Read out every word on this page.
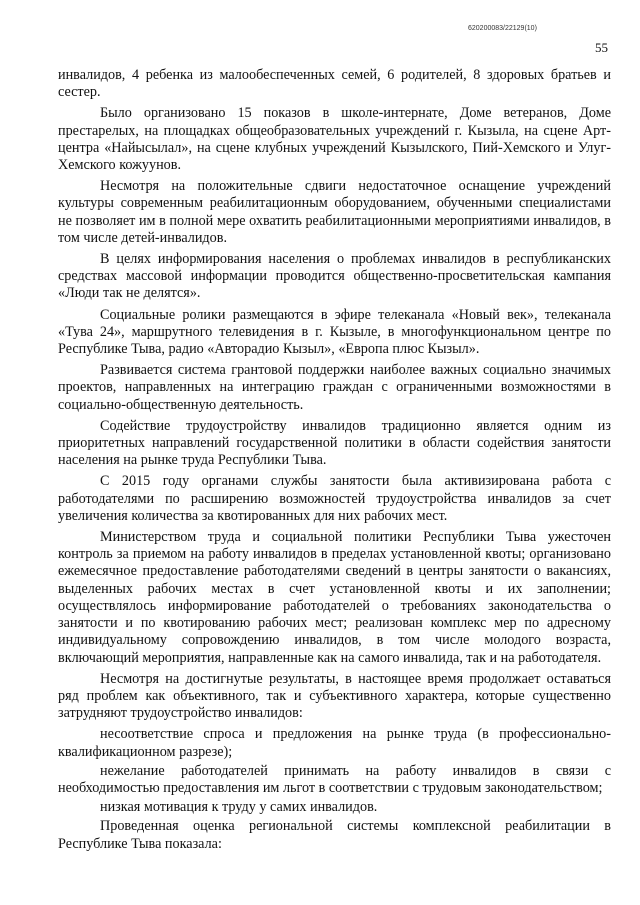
620200083/22129(10)
55

инвалидов, 4 ребенка из малообеспеченных семей, 6 родителей, 8 здоровых братьев и сестер.

Было организовано 15 показов в школе-интернате, Доме ветеранов, Доме престарелых, на площадках общеобразовательных учреждений г. Кызыла, на сцене Арт-центра «Найысылал», на сцене клубных учреждений Кызылского, Пий-Хемского и Улуг-Хемского кожуунов.

Несмотря на положительные сдвиги недостаточное оснащение учреждений культуры современным реабилитационным оборудованием, обученными специалистами не позволяет им в полной мере охватить реабилитационными мероприятиями инвалидов, в том числе детей-инвалидов.

В целях информирования населения о проблемах инвалидов в республиканских средствах массовой информации проводится общественно-просветительская кампания «Люди так не делятся».

Социальные ролики размещаются в эфире телеканала «Новый век», телеканала «Тува 24», маршрутного телевидения в г. Кызыле, в многофункциональном центре по Республике Тыва, радио «Авторадио Кызыл», «Европа плюс Кызыл».

Развивается система грантовой поддержки наиболее важных социально значимых проектов, направленных на интеграцию граждан с ограниченными возможностями в социально-общественную деятельность.

Содействие трудоустройству инвалидов традиционно является одним из приоритетных направлений государственной политики в области содействия занятости населения на рынке труда Республики Тыва.

С 2015 году органами службы занятости была активизирована работа с работодателями по расширению возможностей трудоустройства инвалидов за счет увеличения количества за квотированных для них рабочих мест.

Министерством труда и социальной политики Республики Тыва ужесточен контроль за приемом на работу инвалидов в пределах установленной квоты; организовано ежемесячное предоставление работодателями сведений в центры занятости о вакансиях, выделенных рабочих местах в счет установленной квоты и их заполнении; осуществлялось информирование работодателей о требованиях законодательства о занятости и по квотированию рабочих мест; реализован комплекс мер по адресному индивидуальному сопровождению инвалидов, в том числе молодого возраста, включающий мероприятия, направленные как на самого инвалида, так и на работодателя.

Несмотря на достигнутые результаты, в настоящее время продолжает оставаться ряд проблем как объективного, так и субъективного характера, которые существенно затрудняют трудоустройство инвалидов:

несоответствие спроса и предложения на рынке труда (в профессионально-квалификационном разрезе);

нежелание работодателей принимать на работу инвалидов в связи с необходимостью предоставления им льгот в соответствии с трудовым законодательством;

низкая мотивация к труду у самих инвалидов.

Проведенная оценка региональной системы комплексной реабилитации в Республике Тыва показала:
